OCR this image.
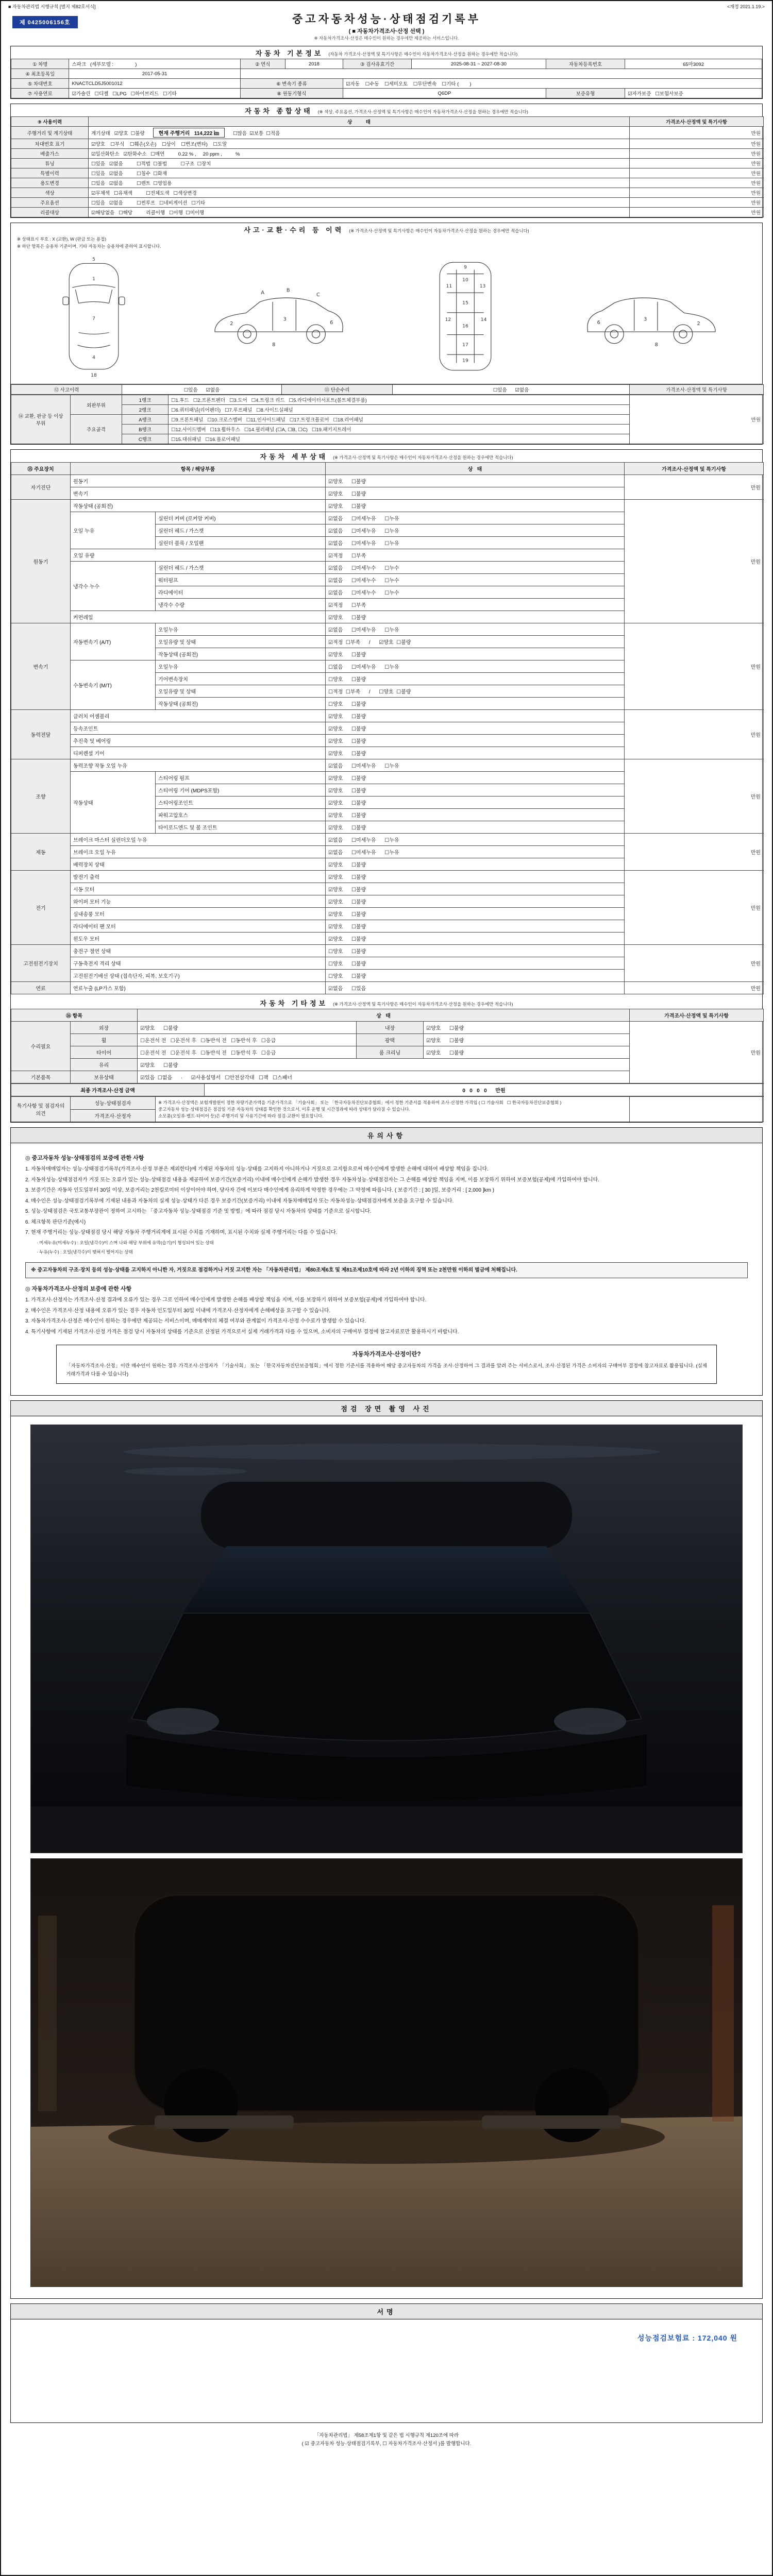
■ 자동차관리법 시행규칙 [별지 제82호서식]	<개정 2021.1.19.>
제 0425006156호	중고자동차성능·상태점검기록부
( ■ 자동차가격조사·산정 선택 )
※ 자동차가격조사·산정은 매수인이 원하는 경우에만 제공하는 서비스입니다.
자동차 기본정보 (자동차 가격조사·산정액 및 특기사항은 매수인이 자동차가격조사·산정을 원하는 경우에만 적습니다)
① 차명	스파크   (세부모델 :                )	② 연식	2018	③ 검사유효기간	2025-08-31 ~ 2027-08-30	자동차등록번호	65마3092
④ 최초등록일	2017-05-31						
⑤ 차대번호	KNACTCLD5J5001012	⑥ 변속기 종류		☑자동    ☐수동    ☐세미오토    ☐무단변속    ☐기타 (        )			
⑦ 사용연료	☑가솔린   ☐디젤   ☐LPG   ☐하이브리드   ☐기타	⑧ 원동기형식		Q6DP		보증유형	☑자가보증   ☐보험사보증
자동차 종합상태 (※ 색상, 주요옵션, 가격조사·산정액 및 특기사항은 매수인이 자동차가격조사·산정을 원하는 경우에만 적습니다)
⑨ 사용이력	상          태	가격조사·산정액 및 특기사항
주행거리 및 계기상태	계기상태   ☑양호  ☐불량 현재 주행거리   114,222 ㎞ ☐많음  ☑보통  ☐적음	만원
차대번호 표기	☑양호    ☐부식    ☐훼손(오손)    ☐상이    ☐변조(변타)    ☐도말	만원
배출가스	☑일산화탄소   ☑탄화수소   ☐매연          0.22 % ,     20 ppm ,          %	만원
튜닝	☐있음   ☑없음          ☐적법  ☐불법          ☐구조  ☐장치	만원
특별이력	☐있음   ☑없음          ☐침수  ☐화재	만원
용도변경	☐있음   ☑없음          ☐렌트  ☐영업용	만원
색상	☑무채색   ☐유채색          ☐전체도색   ☐색상변경	만원
주요옵션	☐있음   ☑없음          ☐썬루프   ☐네비게이션   ☐기타	만원
리콜대상	☑해당없음   ☐해당          리콜이행   ☐이행  ☐미이행	만원
사고·교환·수리 등 이력 (※ 가격조사·산정액 및 특기사항은 매수인이 자동차가격조사·산정을 원하는 경우에만 적습니다)
※ 상태표시 부호 : X (교환), W (판금 또는 용접)
※ 하단 항목은 승용차 기준이며, 기타 자동차는 승용차에 준하여 표시합니다.
5
1
7
4
18
A	B
C
2
3
6
8
9
10
11	13
15
12	14
16
17
19
2
3
6
8
⑫ 사고이력	☐있음      ☑없음	⑬ 단순수리	☐있음      ☑없음	가격조사·산정액 및 특기사항
⑭ 교환, 판금 등 이상 부위	외판부위	1랭크	☐1.후드   ☐2.프론트펜더   ☐3.도어   ☐4.트렁크 리드   ☐5.라디에이터서포트(볼트체결부품)	만원
		2랭크	☐6.쿼터패널(리어펜더)   ☐7.루프패널   ☐8.사이드실패널	
	주요골격	A랭크	☐9.프론트패널   ☐10.크로스멤버   ☐11.인사이드패널   ☐17.트렁크플로어   ☐18.리어패널	
		B랭크	☐12.사이드멤버   ☐13.휠하우스   ☐14.필러패널 (☐A, ☐B, ☐C)   ☐19.패키지트레이	
		C랭크	☐15.대쉬패널   ☐16.플로어패널	
자동차 세부상태 (※ 가격조사·산정액 및 특기사항은 매수인이 자동차가격조사·산정을 원하는 경우에만 적습니다)
⑮ 주요장치	항목 / 해당부품		상   태	가격조사·산정액 및 특기사항
자기진단	원동기		☑양호      ☐불량	만원
	변속기		☑양호      ☐불량	
원동기	작동상태 (공회전)		☑양호      ☐불량	만원
	오일 누유	실린더 커버 (로커암 커버)	☑없음      ☐미세누유      ☐누유	
		실린더 헤드 / 가스켓	☑없음      ☐미세누유      ☐누유	
		실린더 블록 / 오일팬	☑없음      ☐미세누유      ☐누유	
	오일 유량		☑적정      ☐부족	
	냉각수 누수	실린더 헤드 / 가스켓	☑없음      ☐미세누수      ☐누수	
		워터펌프	☑없음      ☐미세누수      ☐누수	
		라디에이터	☑없음      ☐미세누수      ☐누수	
		냉각수 수량	☑적정      ☐부족	
	커먼레일		☑양호      ☐불량	
변속기	자동변속기 (A/T)	오일누유	☑없음      ☐미세누유      ☐누유	만원
		오일유량 및 상태	☑적정  ☐부족      /      ☑양호  ☐불량	
		작동상태 (공회전)	☑양호      ☐불량	
	수동변속기 (M/T)	오일누유	☐없음      ☐미세누유      ☐누유	
		기어변속장치	☐양호      ☐불량	
		오일유량 및 상태	☐적정  ☐부족      /      ☐양호  ☐불량	
		작동상태 (공회전)	☐양호      ☐불량	
동력전달	클러치 어셈블리		☑양호      ☐불량	만원
	등속조인트		☑양호      ☐불량	
	추진축 및 베어링		☑양호      ☐불량	
	디퍼렌셜 기어		☑양호      ☐불량	
조향	동력조향 작동 오일 누유		☑없음      ☐미세누유      ☐누유	만원
	작동상태	스티어링 펌프	☑양호      ☐불량	
		스티어링 기어 (MDPS포함)	☑양호      ☐불량	
		스티어링조인트	☑양호      ☐불량	
		파워고압호스	☑양호      ☐불량	
		타이로드엔드 및 볼 조인트	☑양호      ☐불량	
제동	브레이크 마스터 실린더오일 누유		☑없음      ☐미세누유      ☐누유	만원
	브레이크 오일 누유		☑없음      ☐미세누유      ☐누유	
	배력장치 상태		☑양호      ☐불량	
전기	발전기 출력		☑양호      ☐불량	만원
	시동 모터		☑양호      ☐불량	
	와이퍼 모터 기능		☑양호      ☐불량	
	실내송풍 모터		☑양호      ☐불량	
	라디에이터 팬 모터		☑양호      ☐불량	
	윈도우 모터		☑양호      ☐불량	
고전원전기장치	충전구 절연 상태		☐양호      ☐불량	만원
	구동축전지 격리 상태		☐양호      ☐불량	
	고전원전기배선 상태 (접속단자, 피복, 보호기구)		☐양호      ☐불량	
연료	연료누출 (LP가스 포함)		☑없음      ☐있음	만원
자동차 기타정보 (※ 가격조사·산정액 및 특기사항은 매수인이 자동차가격조사·산정을 원하는 경우에만 적습니다)
⑯ 항목		상   태			가격조사·산정액 및 특기사항
수리필요	외장	☑양호      ☐불량	내장	☑양호      ☐불량	만원
	휠	☐운전석 전   ☐운전석 후   ☐동반석 전   ☐동반석 후   ☐응급	광택	☑양호      ☐불량	
	타이어	☐운전석 전   ☐운전석 후   ☐동반석 전   ☐동반석 후   ☐응급	룸 크리닝	☑양호      ☐불량	
	유리	☑양호      ☐불량			
기본품목	보유상태	☑있음  ☐없음      ·      ☑사용설명서   ☐안전삼각대   ☐잭   ☐스패너			
최종 가격조사·산정 금액	0   0   0   0      만원
특기사항 및 점검자의 의견	성능·상태점검자	※ 가격조사·산정액은 보험개발원이 정한 차량기준가액을 기준가격으로 「기술사회」 또는 「한국자동차진단보증협회」에서 정한 기준서를 적용하여 조사·산정한 가격임 ( ☐ 기술사회   ☐ 한국자동차진단보증협회 )
중고자동차 성능·상태점검은 점검일 기준 자동차의 상태를 확인한 것으로서, 이후 운행 및 시간경과에 따라 상태가 달라질 수 있습니다.
소모품(오일류·벨트·타이어 등)은 주행거리 및 사용기간에 따라 점검·교환이 필요합니다.

가격조사·산정자
유의사항
◎ 중고자동차 성능·상태점검의 보증에 관한 사항
1. 자동차매매업자는 성능·상태점검기록부(가격조사·산정 부분은 제외한다)에 기재된 자동차의 성능·상태를 고지하지 아니하거나 거짓으로 고지함으로써 매수인에게 발생한 손해에 대하여 배상할 책임을 집니다.
2. 자동차성능·상태점검자가 거짓 또는 오류가 있는 성능·상태점검 내용을 제공하여 보증기간(보증거리) 이내에 매수인에게 손해가 발생한 경우 자동차성능·상태점검자는 그 손해를 배상할 책임을 지며, 이를 보장하기 위하여 보증보험(공제)에 가입하여야 합니다.
3. 보증기간은 자동차 인도일부터 30일 이상, 보증거리는 2천킬로미터 이상이어야 하며, 당사자 간에 이보다 매수인에게 유리하게 약정한 경우에는 그 약정에 따릅니다. ( 보증기간 : [ 30 ]일, 보증거리 : [ 2,000 ]km )
4. 매수인은 성능·상태점검기록부에 기재된 내용과 자동차의 실제 성능·상태가 다른 경우 보증기간(보증거리) 이내에 자동차매매업자 또는 자동차성능·상태점검자에게 보증을 요구할 수 있습니다.
5. 성능·상태점검은 국토교통부장관이 정하여 고시하는 「중고자동차 성능·상태점검 기준 및 방법」에 따라 점검 당시 자동차의 상태를 기준으로 실시합니다.
6. 체크항목 판단기준(예시)
7. 현재 주행거리는 성능·상태점검 당시 해당 자동차 주행거리계에 표시된 수치를 기재하며, 표시된 수치와 실제 주행거리는 다를 수 있습니다.
· 미세누유(미세누수) : 오일(냉각수)이 스며 나와 해당 부위에 유막(습기)이 형성되어 있는 상태
· 누유(누수) : 오일(냉각수)이 맺혀서 떨어지는 상태
※ 중고자동차의 구조·장치 등의 성능·상태를 고지하지 아니한 자, 거짓으로 점검하거나 거짓 고지한 자는 「자동차관리법」 제80조제6호 및 제81조제10호에 따라 2년 이하의 징역 또는 2천만원 이하의 벌금에 처해집니다.
◎ 자동차가격조사·산정의 보증에 관한 사항
1. 가격조사·산정자는 가격조사·산정 결과에 오류가 있는 경우 그로 인하여 매수인에게 발생한 손해를 배상할 책임을 지며, 이를 보장하기 위하여 보증보험(공제)에 가입하여야 합니다.
2. 매수인은 가격조사·산정 내용에 오류가 있는 경우 자동차 인도일부터 30일 이내에 가격조사·산정자에게 손해배상을 요구할 수 있습니다.
3. 자동차가격조사·산정은 매수인이 원하는 경우에만 제공되는 서비스이며, 매매계약의 체결 여부와 관계없이 가격조사·산정 수수료가 발생할 수 있습니다.
4. 특기사항에 기재된 가격조사·산정 가격은 점검 당시 자동차의 상태를 기준으로 산정된 가격으로서 실제 거래가격과 다를 수 있으며, 소비자의 구매여부 결정에 참고자료로만 활용하시기 바랍니다.
자동차가격조사·산정이란?
「자동차가격조사·산정」이란 매수인이 원하는 경우 가격조사·산정자가 「기술사회」 또는 「한국자동차진단보증협회」에서 정한 기준서를 적용하여 해당 중고자동차의 가격을 조사·산정하여 그 결과를 알려 주는 서비스로서, 조사·산정된 가격은 소비자의 구매여부 결정에 참고자료로 활용됩니다. (실제 거래가격과 다를 수 있습니다)
점검 장면 촬영 사진
서명
성능점검보험료 : 172,040 원
「자동차관리법」 제58조제1항 및 같은 법 시행규칙 제120조에 따라
( ☑ 중고자동차 성능·상태점검기록부, ☐ 자동차가격조사·산정서 )를 발행합니다.
